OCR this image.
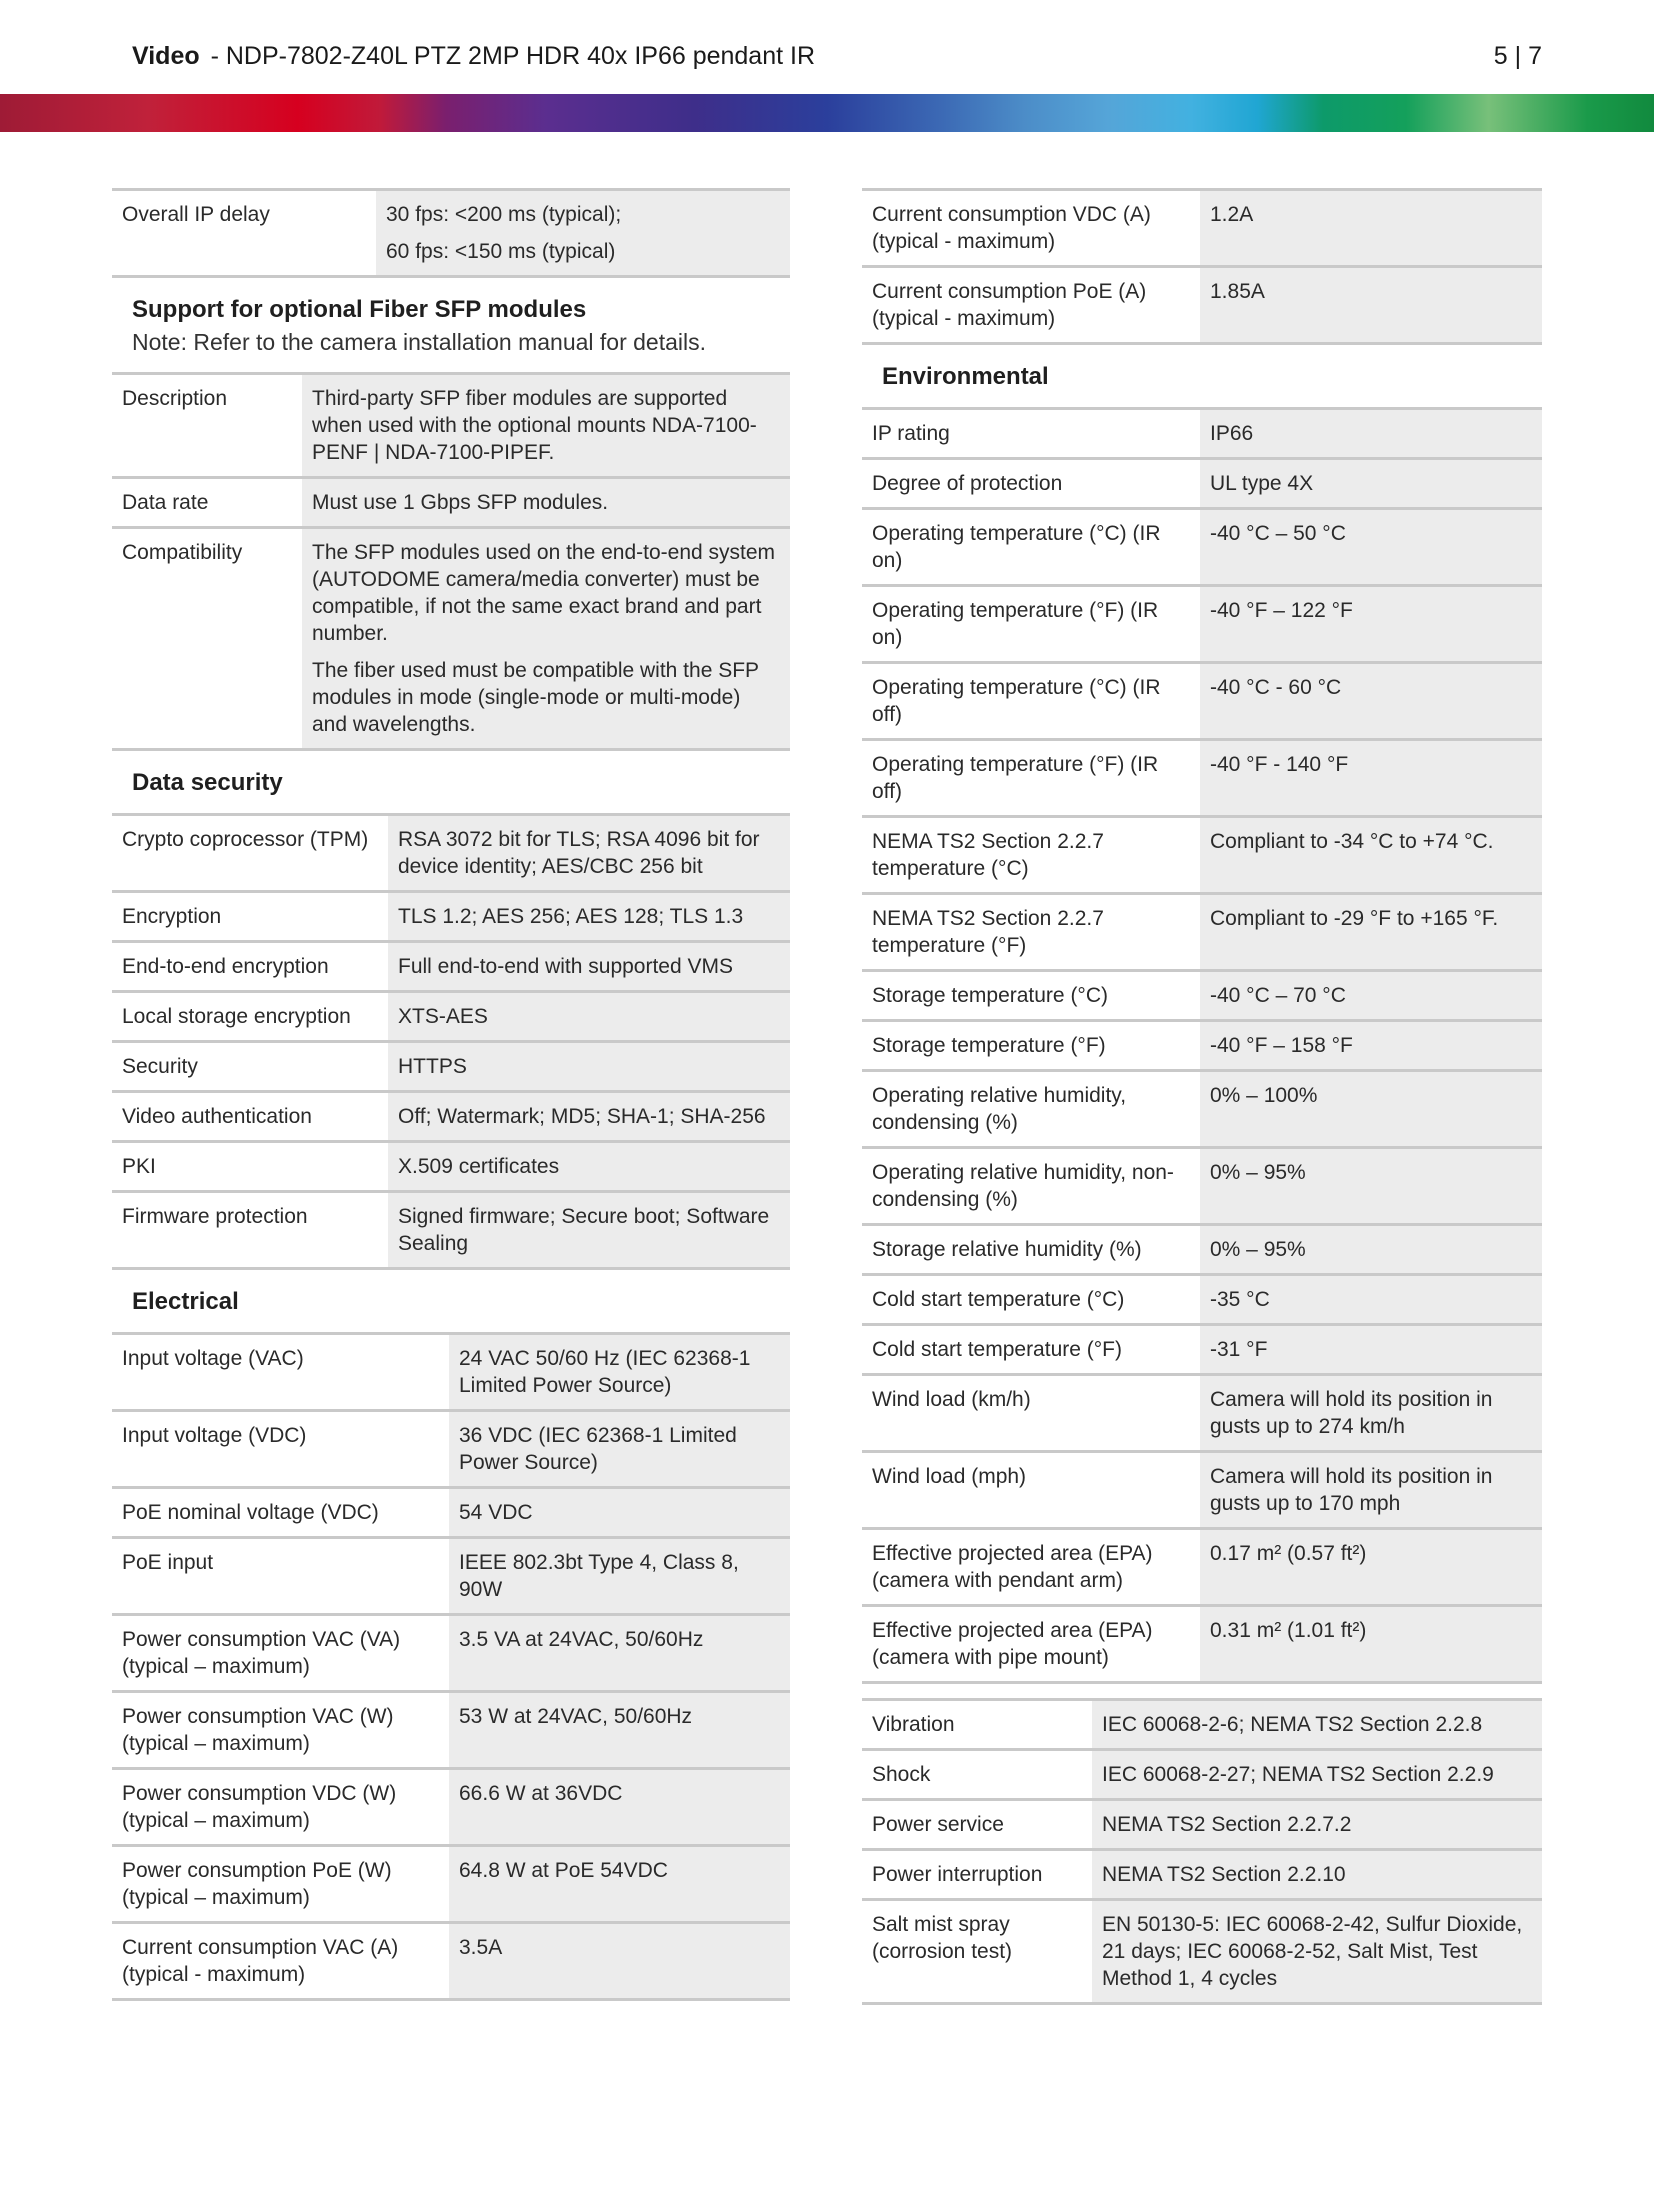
Video - NDP-7802-Z40L PTZ 2MP HDR 40x IP66 pendant IR	5 | 7
Overall IP delay	30 fps: <200 ms (typical);

60 fps: <150 ms (typical)

Support for optional Fiber SFP modules
Note: Refer to the camera installation manual for details.
Description	Third-party SFP fiber modules are supported when used with the optional mounts NDA-7100-PENF | NDA-7100-PIPEF.
Data rate	Must use 1 Gbps SFP modules.
Compatibility	The SFP modules used on the end-to-end system (AUTODOME camera/media converter) must be compatible, if not the same exact brand and part number.

The fiber used must be compatible with the SFP modules in mode (single-mode or multi-mode) and wavelengths.

Data security
Crypto coprocessor (TPM)	RSA 3072 bit for TLS; RSA 4096 bit for device identity; AES/CBC 256 bit
Encryption	TLS 1.2; AES 256; AES 128; TLS 1.3
End-to-end encryption	Full end-to-end with supported VMS
Local storage encryption	XTS-AES
Security	HTTPS
Video authentication	Off; Watermark; MD5; SHA-1; SHA-256
PKI	X.509 certificates
Firmware protection	Signed firmware; Secure boot; Software Sealing
Electrical
Input voltage (VAC)	24 VAC 50/60 Hz (IEC 62368-1 Limited Power Source)
Input voltage (VDC)	36 VDC (IEC 62368-1 Limited Power Source)
PoE nominal voltage (VDC)	54 VDC
PoE input	IEEE 802.3bt Type 4, Class 8, 90W
Power consumption VAC (VA) (typical – maximum)	3.5 VA at 24VAC, 50/60Hz
Power consumption VAC (W) (typical – maximum)	53 W at 24VAC, 50/60Hz
Power consumption VDC (W) (typical – maximum)	66.6 W at 36VDC
Power consumption PoE (W) (typical – maximum)	64.8 W at PoE 54VDC
Current consumption VAC (A) (typical - maximum)	3.5A
Current consumption VDC (A) (typical - maximum)	1.2A
Current consumption PoE (A) (typical - maximum)	1.85A
Environmental
IP rating	IP66
Degree of protection	UL type 4X
Operating temperature (°C) (IR on)	-40 °C – 50 °C
Operating temperature (°F) (IR on)	-40 °F – 122 °F
Operating temperature (°C) (IR off)	-40 °C - 60 °C
Operating temperature (°F) (IR off)	-40 °F - 140 °F
NEMA TS2 Section 2.2.7 temperature (°C)	Compliant to -34 °C to +74 °C.
NEMA TS2 Section 2.2.7 temperature (°F)	Compliant to -29 °F to +165 °F.
Storage temperature (°C)	-40 °C – 70 °C
Storage temperature (°F)	-40 °F – 158 °F
Operating relative humidity, condensing (%)	0% – 100%
Operating relative humidity, non-condensing (%)	0% – 95%
Storage relative humidity (%)	0% – 95%
Cold start temperature (°C)	-35 °C
Cold start temperature (°F)	-31 °F
Wind load (km/h)	Camera will hold its position in gusts up to 274 km/h
Wind load (mph)	Camera will hold its position in gusts up to 170 mph
Effective projected area (EPA) (camera with pendant arm)	0.17 m² (0.57 ft²)
Effective projected area (EPA) (camera with pipe mount)	0.31 m² (1.01 ft²)
Vibration	IEC 60068-2-6; NEMA TS2 Section 2.2.8
Shock	IEC 60068-2-27; NEMA TS2 Section 2.2.9
Power service	NEMA TS2 Section 2.2.7.2
Power interruption	NEMA TS2 Section 2.2.10
Salt mist spray (corrosion test)	EN 50130-5: IEC 60068-2-42, Sulfur Dioxide, 21 days; IEC 60068-2-52, Salt Mist, Test Method 1, 4 cycles
